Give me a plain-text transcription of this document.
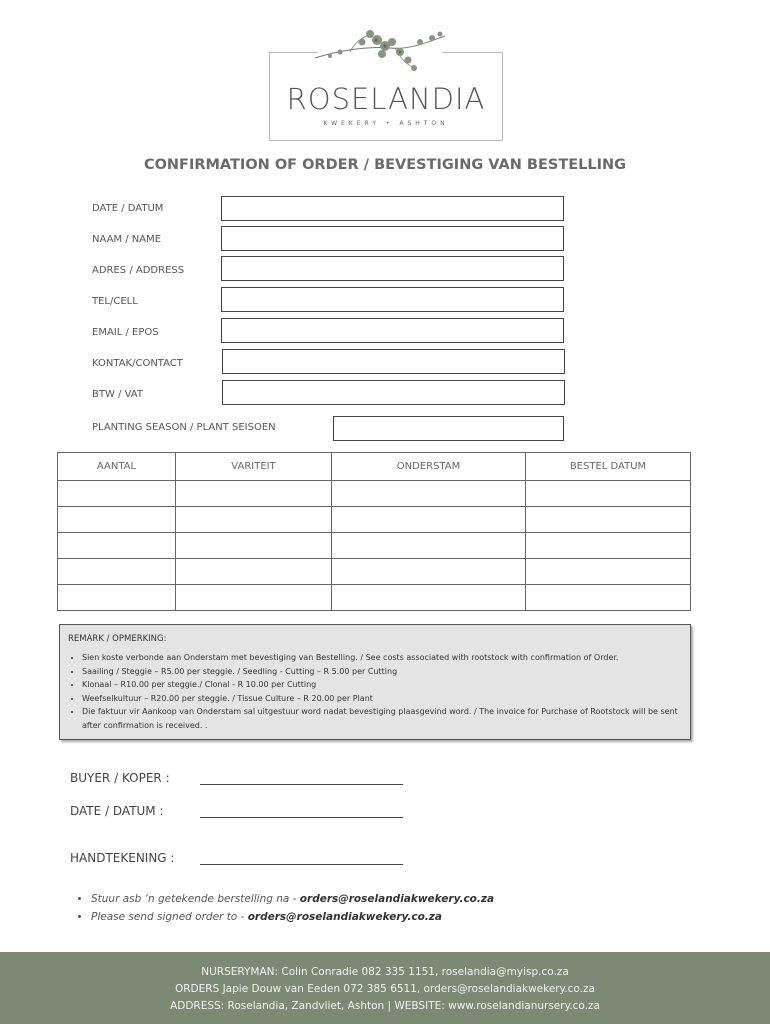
ROSELANDIA
KWEKERY • ASHTON
CONFIRMATION OF ORDER / BEVESTIGING VAN BESTELLING
DATE / DATUM
NAAM / NAME
ADRES / ADDRESS
TEL/CELL
EMAIL / EPOS
KONTAK/CONTACT
BTW / VAT
PLANTING SEASON / PLANT SEISOEN
AANTAL	VARITEIT	ONDERSTAM	BESTEL DATUM

REMARK / OPMERKING:
• Sien koste verbonde aan Onderstam met bevestiging van Bestelling. / See costs associated with rootstock with confirmation of Order.
• Saailing / Steggie – R5.00 per steggie. / Seedling - Cutting – R 5.00 per Cutting
• Klonaal – R10.00 per steggie./ Clonal - R 10.00 per Cutting
• Weefselkultuur – R20.00 per steggie. / Tissue Culture – R 20.00 per Plant
• Die faktuur vir Aankoop van Onderstam sal uitgestuur word nadat bevestiging plaasgevind word. / The invoice for Purchase of Rootstock will be sent after confirmation is received. .
BUYER / KOPER :
DATE / DATUM :
HANDTEKENING :
• Stuur asb ‘n getekende berstelling na - orders@roselandiakwekery.co.za
• Please send signed order to - orders@roselandiakwekery.co.za
NURSERYMAN: Colin Conradie 082 335 1151, roselandia@myisp.co.za
ORDERS Japie Douw van Eeden 072 385 6511, orders@roselandiakwekery.co.za
ADDRESS: Roselandia, Zandvliet, Ashton | WEBSITE: www.roselandianursery.co.za
